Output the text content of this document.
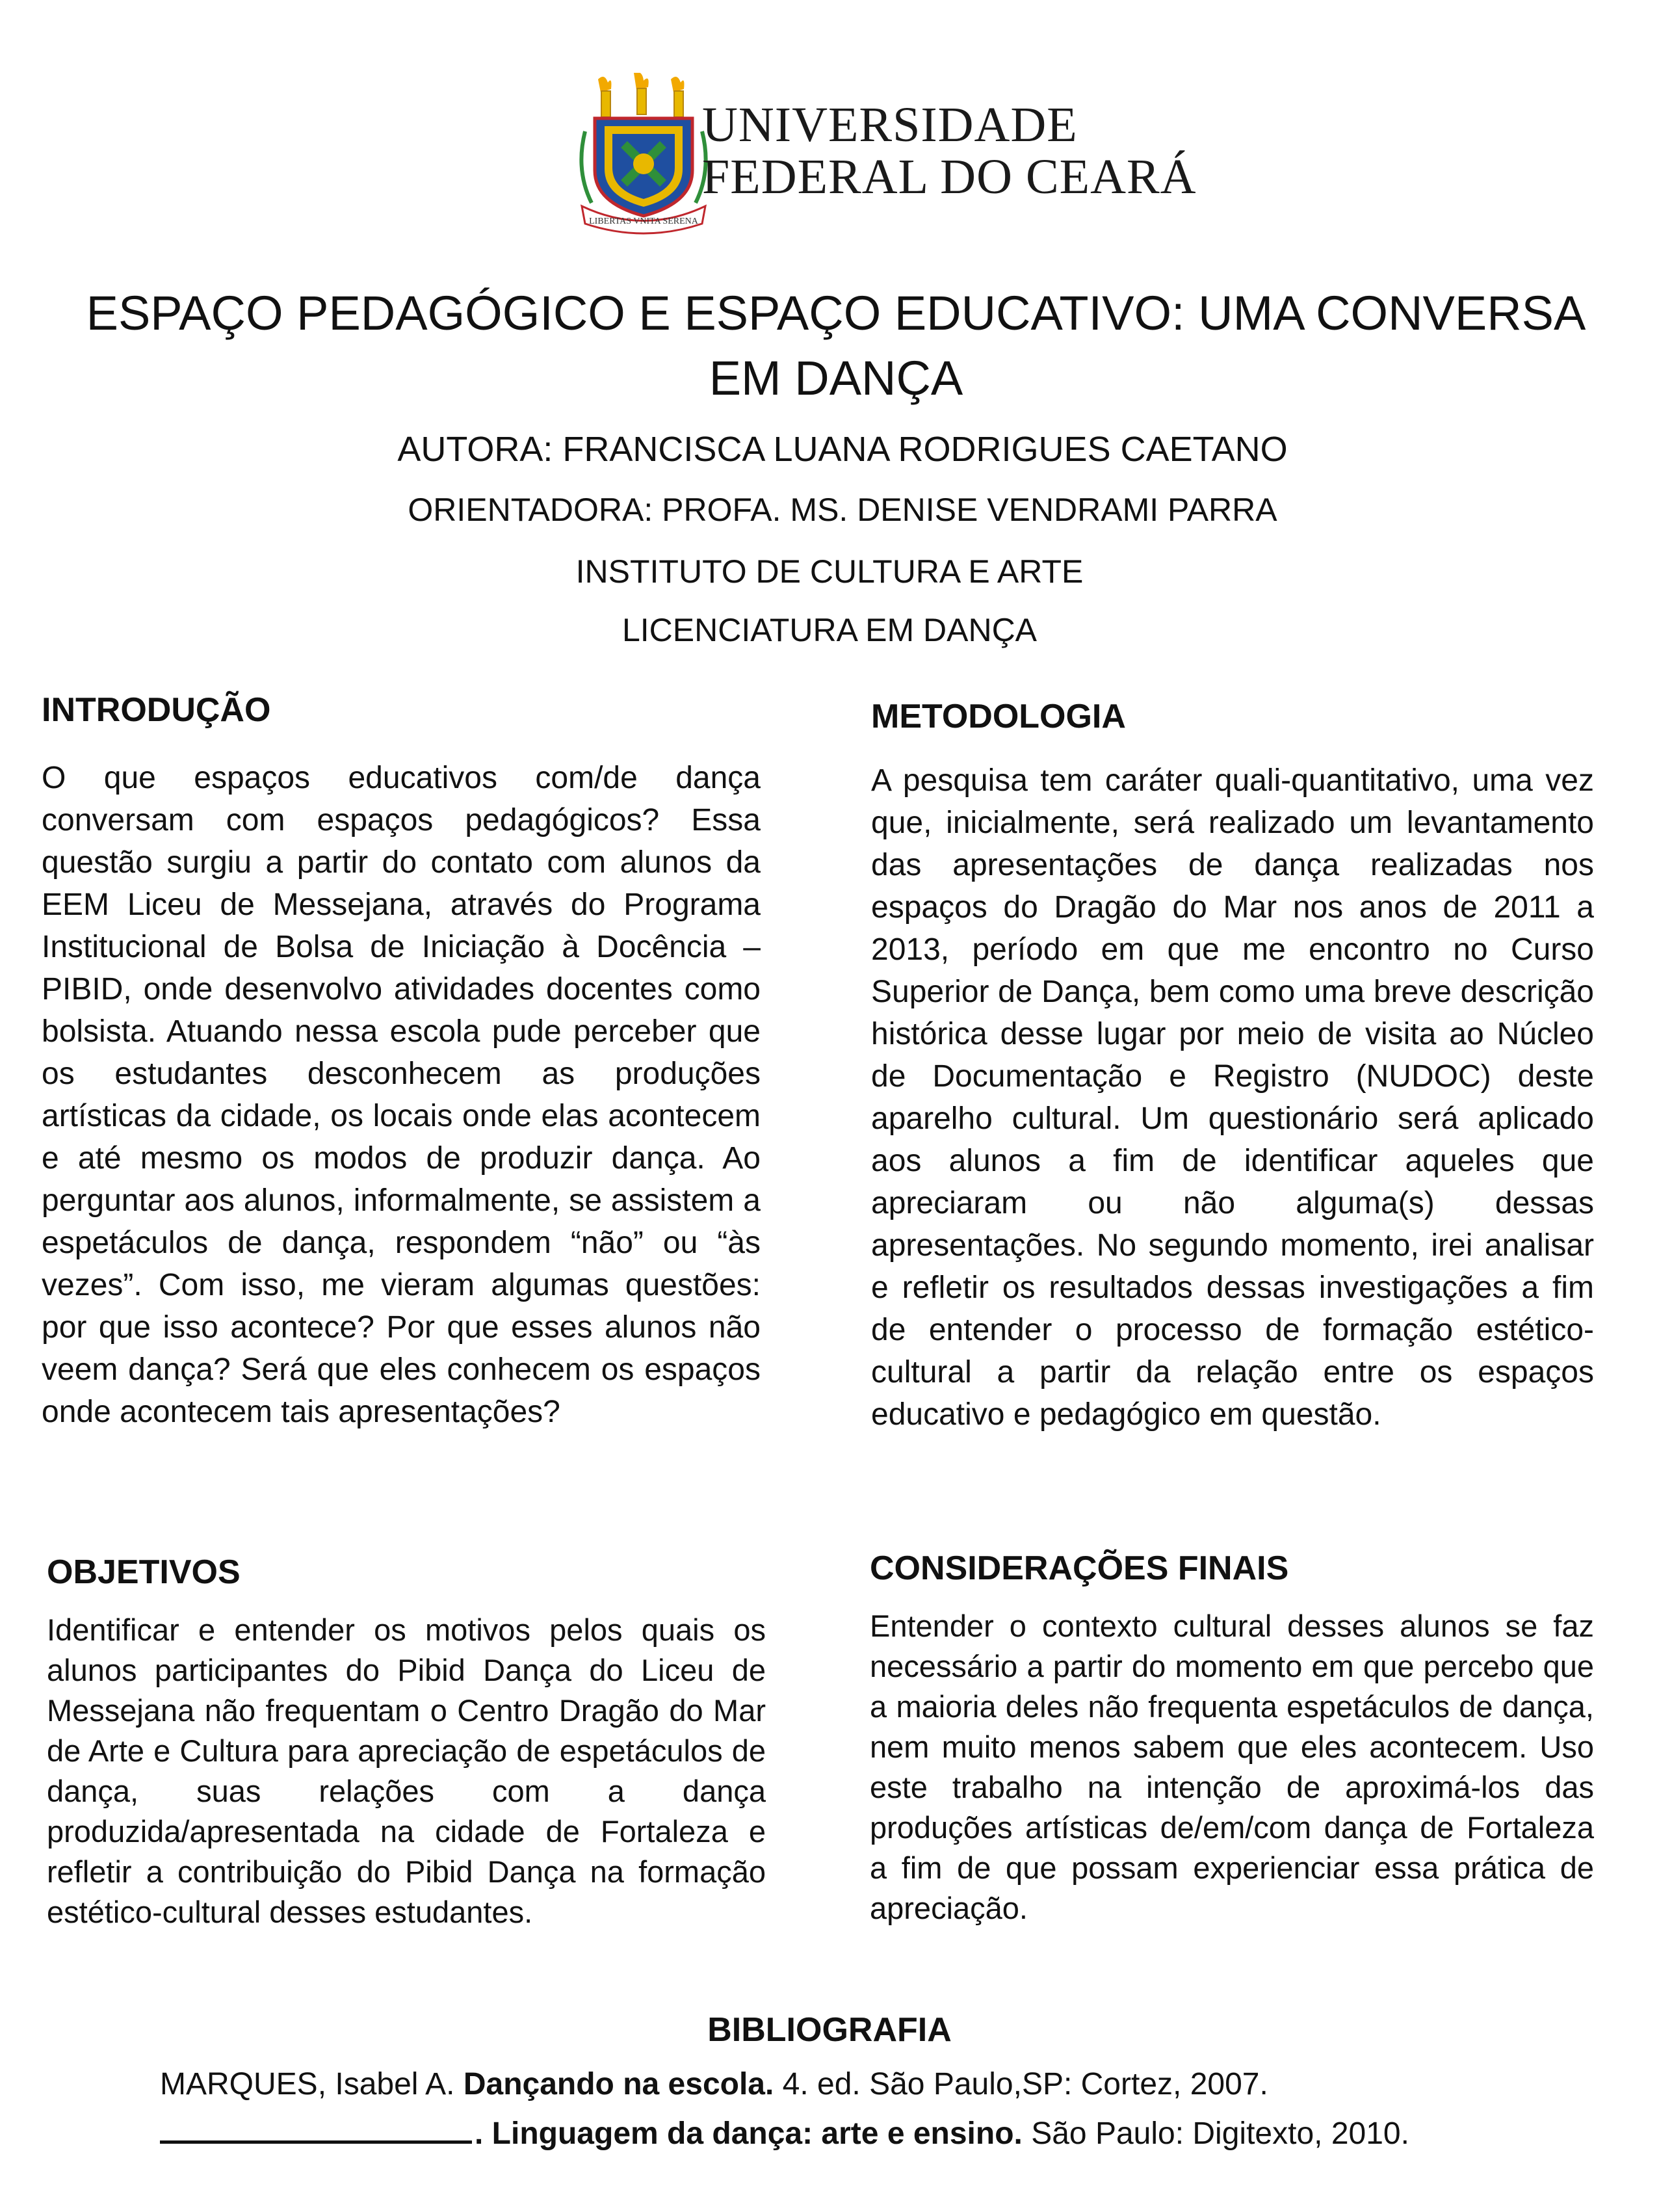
LIBERTAS VNITA SERENA
UNIVERSIDADE
FEDERAL DO CEARÁ
ESPAÇO PEDAGÓGICO E ESPAÇO EDUCATIVO: UMA CONVERSA
EM DANÇA
AUTORA: FRANCISCA LUANA RODRIGUES CAETANO
ORIENTADORA: PROFA. MS. DENISE VENDRAMI PARRA
INSTITUTO DE CULTURA E ARTE
LICENCIATURA EM DANÇA
INTRODUÇÃO

O que espaços educativos com/de dança conversam com espaços pedagógicos? Essa questão surgiu a partir do contato com alunos da EEM Liceu de Messejana, através do Programa Institucional de Bolsa de Iniciação à Docência – PIBID, onde desenvolvo atividades docentes como bolsista. Atuando nessa escola pude perceber que os estudantes desconhecem as produções artísticas da cidade, os locais onde elas acontecem e até mesmo os modos de produzir dança. Ao perguntar aos alunos, informalmente, se assistem a espetáculos de dança, respondem “não” ou “às vezes”. Com isso, me vieram algumas questões: por que isso acontece? Por que esses alunos não veem dança? Será que eles conhecem os espaços onde acontecem tais apresentações?

METODOLOGIA

A pesquisa tem caráter quali-quantitativo, uma vez que, inicialmente, será realizado um levantamento das apresentações de dança realizadas nos espaços do Dragão do Mar nos anos de 2011 a 2013, período em que me encontro no Curso Superior de Dança, bem como uma breve descrição histórica desse lugar por meio de visita ao Núcleo de Documentação e Registro (NUDOC) deste aparelho cultural. Um questionário será aplicado aos alunos a fim de identificar aqueles que apreciaram ou não alguma(s) dessas apresentações. No segundo momento, irei analisar e refletir os resultados dessas investigações a fim de entender o processo de formação estético-cultural a partir da relação entre os espaços educativo e pedagógico em questão.

OBJETIVOS

Identificar e entender os motivos pelos quais os alunos participantes do Pibid Dança do Liceu de Messejana não frequentam o Centro Dragão do Mar de Arte e Cultura para apreciação de espetáculos de dança, suas relações com a dança produzida/apresentada na cidade de Fortaleza e refletir a contribuição do Pibid Dança na formação estético-cultural desses estudantes.

CONSIDERAÇÕES FINAIS

Entender o contexto cultural desses alunos se faz necessário a partir do momento em que percebo que a maioria deles não frequenta espetáculos de dança, nem muito menos sabem que eles acontecem. Uso este trabalho na intenção de aproximá-los das produções artísticas de/em/com dança de Fortaleza a fim de que possam experienciar essa prática de apreciação.

BIBLIOGRAFIA
MARQUES, Isabel A. Dançando na escola. 4. ed. São Paulo,SP: Cortez, 2007.
. Linguagem da dança: arte e ensino. São Paulo: Digitexto, 2010.
